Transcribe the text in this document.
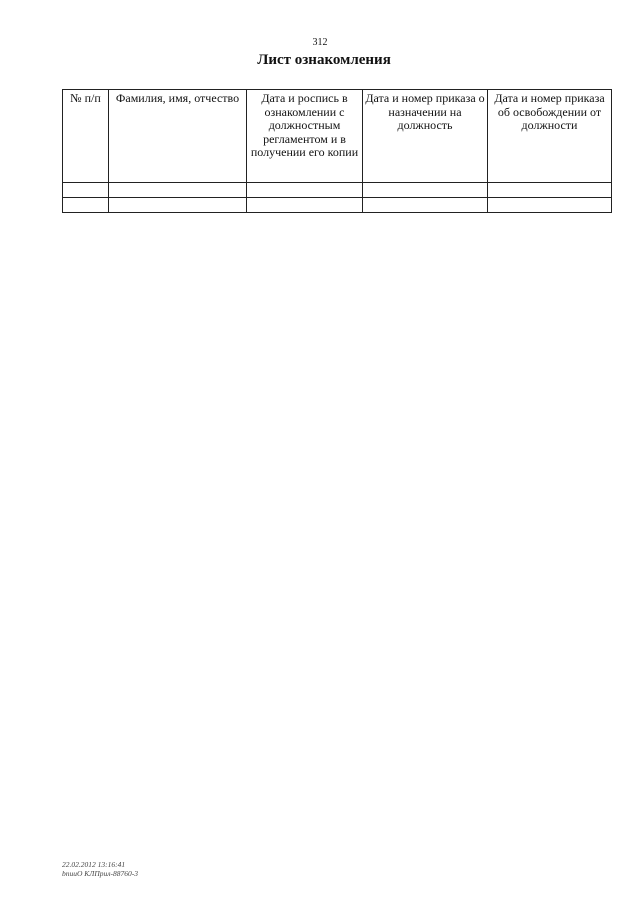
312
Лист ознакомления
№ п/п	Фамилия, имя, отчество	Дата и роспись в ознакомлении с должностным регламентом и в получении его копии	Дата и номер приказа о назначении на должность	Дата и номер приказа об освобождении от должности

22.02.2012 13:16:41
bnuиО КЛПрил-88760-3
